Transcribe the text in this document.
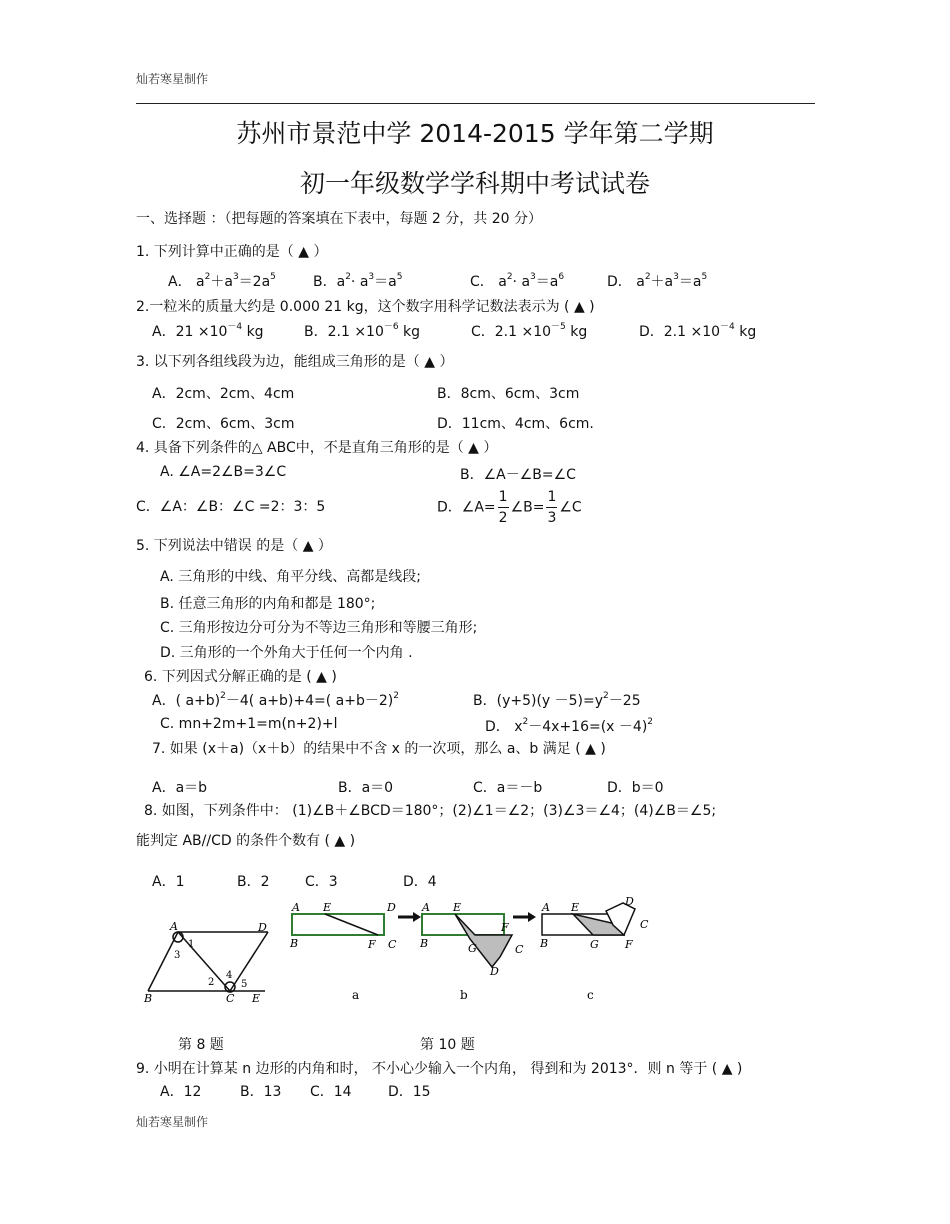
灿若寒星制作
苏州市景范中学 2014-2015 学年第二学期
初一年级数学学科期中考试试卷
一、选择题 ：（把每题的答案填在下表中，每题 2 分，共 20 分）
1. 下列计算中正确的是（ ▲ ）
A． $a^2+a^3=2a^5$	B．$a^2\cdot a^3=a^5$	C． $a^2\cdot a^3=a^6$	D． $a^2+a^3=a^5$
2.一粒米的质量大约是 0.000 21 kg，这个数字用科学记数法表示为 ( ▲ )
A．$21 \times 10^{-4}$ kg	B．$2.1 \times 10^{-6}$ kg	C．$2.1 \times 10^{-5}$ kg	D．$2.1 \times 10^{-4}$ kg
3. 以下列各组线段为边，能组成三角形的是（ ▲ ）
A．2cm、2cm、4cm	B．8cm、6cm、3cm
C．2cm、6cm、3cm	D．11cm、4cm、6cm.
4. 具备下列条件的△ ABC中，不是直角三角形的是（ ▲ ）
A. ∠A=2∠B=3∠C	B．∠A－∠B=∠C
C．∠A：∠B：∠C =2：3：5	D．∠A= $\frac{1}{2}$ ∠B= $\frac{1}{3}$ ∠C
5. 下列说法中错误 的是（ ▲ ）
A. 三角形的中线、角平分线、高都是线段;
B. 任意三角形的内角和都是 180°;
C. 三角形按边分可分为不等边三角形和等腰三角形;
D. 三角形的一个外角大于任何一个内角 .
6. 下列因式分解正确的是 ( ▲ )
A．( a+b)$^2$－4( a+b)+4=( a+b－2)$^2$	B．$(y+5)(y -5)=y^2-25$
C. mn+2m+1=m(n+2)+l	D． $x^2-4x+16=(x -4)^2$
7. 如果 (x＋a)（x＋b）的结果中不含 x 的一次项，那么 a、b 满足 ( ▲ )
A．a＝b	B．a＝0	C．a＝－b	D．b＝0
8. 如图，下列条件中： (1)∠B＋∠BCD＝180°；(2)∠1＝∠2；(3)∠3＝∠4；(4)∠B＝∠5;
能判定 AB//CD 的条件个数有 ( ▲ )
A．1	B．2	C．3	D．4
A	D
B	C E
1
3
2
4
5
A E	D
B	F C
a
A E
F
B	G	C
D
b
A E	D
C
B	G F
c
第 8 题	第 10 题
9. 小明在计算某 n 边形的内角和时， 不小心少输入一个内角， 得到和为 2013°．则 n 等于 ( ▲ )
A．12	B．13 C．14	D．15
灿若寒星制作
